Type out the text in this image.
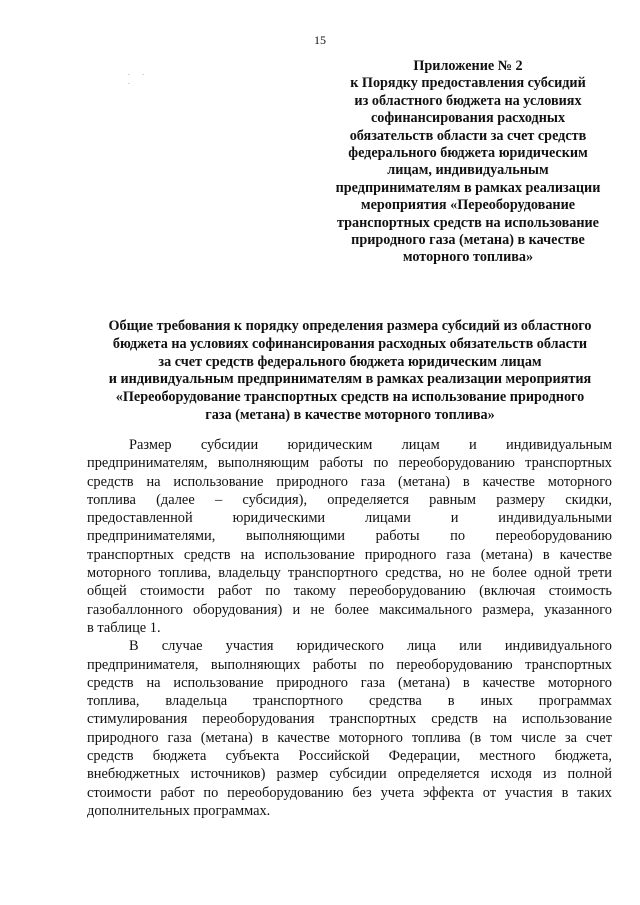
15
. . .
Приложение № 2
к Порядку предоставления субсидий
из областного бюджета на условиях
софинансирования расходных
обязательств области за счет средств
федерального бюджета юридическим
лицам, индивидуальным
предпринимателям в рамках реализации
мероприятия «Переоборудование
транспортных средств на использование
природного газа (метана) в качестве
моторного топлива»
Общие требования к порядку определения размера субсидий из областного
бюджета на условиях софинансирования расходных обязательств области
за счет средств федерального бюджета юридическим лицам
и индивидуальным предпринимателям в рамках реализации мероприятия
«Переоборудование транспортных средств на использование природного
газа (метана) в качестве моторного топлива»
Размер субсидии юридическим лицам и индивидуальным
предпринимателям, выполняющим работы по переоборудованию транспортных
средств на использование природного газа (метана) в качестве моторного
топлива (далее – субсидия), определяется равным размеру скидки,
предоставленной юридическими лицами и индивидуальными
предпринимателями, выполняющими работы по переоборудованию
транспортных средств на использование природного газа (метана) в качестве
моторного топлива, владельцу транспортного средства, но не более одной трети
общей стоимости работ по такому переоборудованию (включая стоимость
газобаллонного оборудования) и не более максимального размера, указанного
в таблице 1.
В случае участия юридического лица или индивидуального
предпринимателя, выполняющих работы по переоборудованию транспортных
средств на использование природного газа (метана) в качестве моторного
топлива, владельца транспортного средства в иных программах
стимулирования переоборудования транспортных средств на использование
природного газа (метана) в качестве моторного топлива (в том числе за счет
средств бюджета субъекта Российской Федерации, местного бюджета,
внебюджетных источников) размер субсидии определяется исходя из полной
стоимости работ по переоборудованию без учета эффекта от участия в таких
дополнительных программах.
